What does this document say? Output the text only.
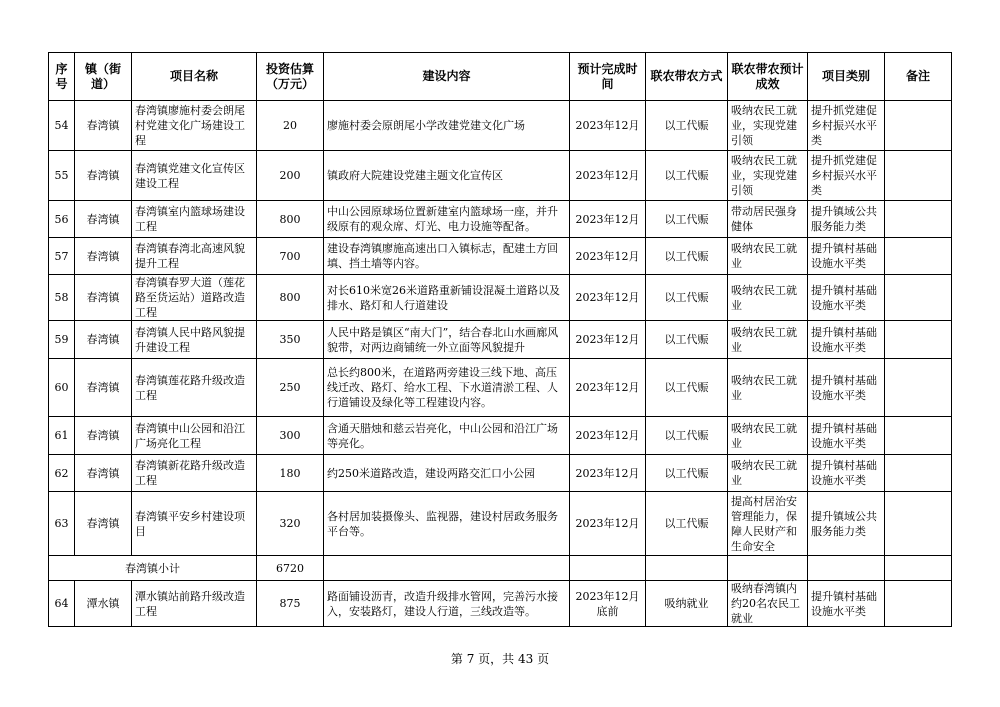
序号	镇（街道）	项目名称	投资估算（万元）	建设内容	预计完成时间	联农带农方式	联农带农预计成效	项目类别	备注
54	春湾镇	春湾镇廖施村委会朗尾村党建文化广场建设工程	20	廖施村委会原朗尾小学改建党建文化广场	2023年12月	以工代赈	吸纳农民工就业，实现党建引领	提升抓党建促乡村振兴水平类	
55	春湾镇	春湾镇党建文化宣传区建设工程	200	镇政府大院建设党建主题文化宣传区	2023年12月	以工代赈	吸纳农民工就业，实现党建引领	提升抓党建促乡村振兴水平类	
56	春湾镇	春湾镇室内篮球场建设工程	800	中山公园原球场位置新建室内篮球场一座，并升级原有的观众席、灯光、电力设施等配备。	2023年12月	以工代赈	带动居民强身健体	提升镇域公共服务能力类	
57	春湾镇	春湾镇春湾北高速风貌提升工程	700	建设春湾镇廖施高速出口入镇标志，配建土方回填、挡土墙等内容。	2023年12月	以工代赈	吸纳农民工就业	提升镇村基础设施水平类	
58	春湾镇	春湾镇春罗大道（莲花路至货运站）道路改造工程	800	对长610米宽26米道路重新铺设混凝土道路以及排水、路灯和人行道建设	2023年12月	以工代赈	吸纳农民工就业	提升镇村基础设施水平类	
59	春湾镇	春湾镇人民中路风貌提升建设工程	350	人民中路是镇区“南大门”，结合春北山水画廊风貌带，对两边商铺统一外立面等风貌提升	2023年12月	以工代赈	吸纳农民工就业	提升镇村基础设施水平类	
60	春湾镇	春湾镇莲花路升级改造工程	250	总长约800米，在道路两旁建设三线下地、高压线迁改、路灯、给水工程、下水道清淤工程、人行道铺设及绿化等工程建设内容。	2023年12月	以工代赈	吸纳农民工就业	提升镇村基础设施水平类	
61	春湾镇	春湾镇中山公园和沿江广场亮化工程	300	含通天腊烛和慈云岩亮化，中山公园和沿江广场等亮化。	2023年12月	以工代赈	吸纳农民工就业	提升镇村基础设施水平类	
62	春湾镇	春湾镇新花路升级改造工程	180	约250米道路改造，建设两路交汇口小公园	2023年12月	以工代赈	吸纳农民工就业	提升镇村基础设施水平类	
63	春湾镇	春湾镇平安乡村建设项目	320	各村居加装摄像头、监视器，建设村居政务服务平台等。	2023年12月	以工代赈	提高村居治安管理能力，保障人民财产和生命安全	提升镇域公共服务能力类	
春湾镇小计			6720						
64	潭水镇	潭水镇站前路升级改造工程	875	路面铺设沥青，改造升级排水管网，完善污水接入，安装路灯，建设人行道，三线改造等。	2023年12月底前	吸纳就业	吸纳春湾镇内约20名农民工就业	提升镇村基础设施水平类	
第 7 页，共 43 页
